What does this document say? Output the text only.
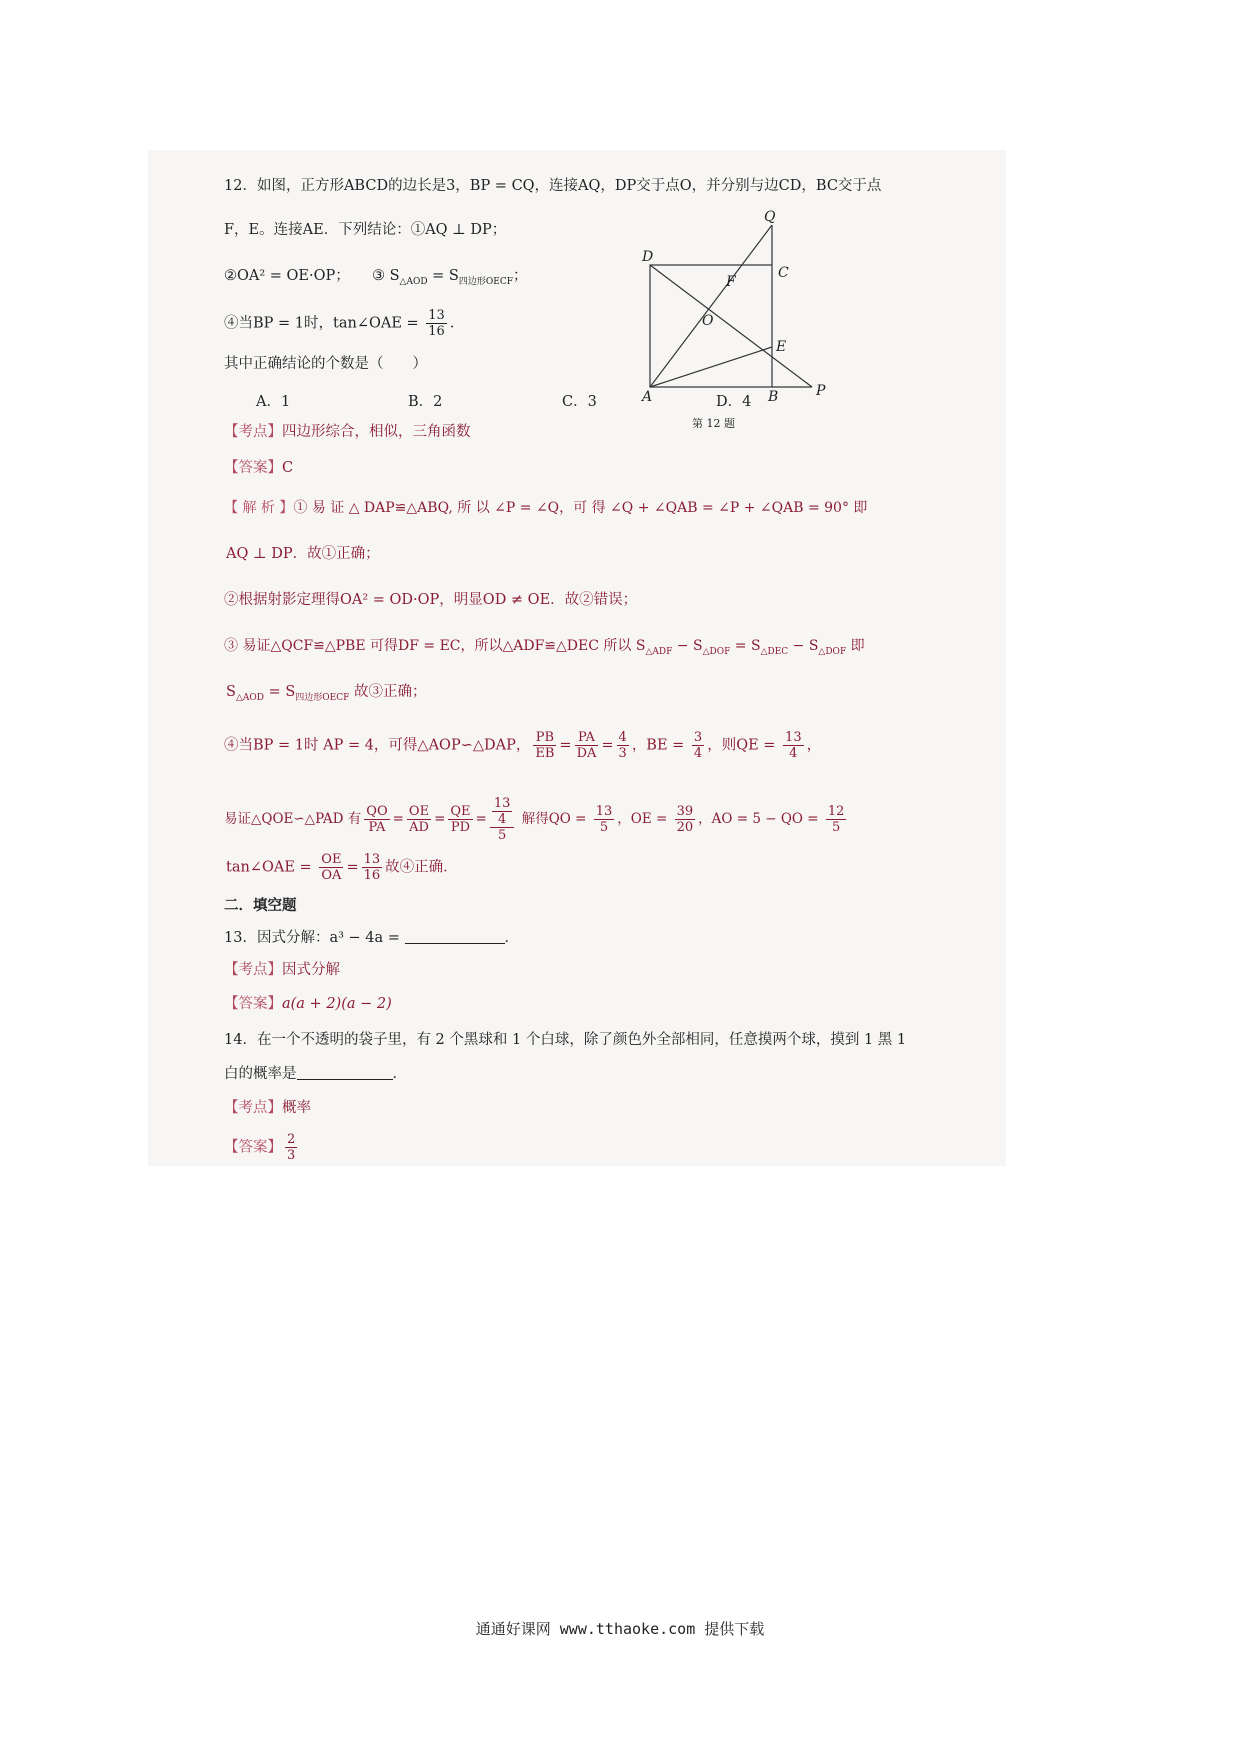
12．如图，正方形ABCD的边长是3，BP = CQ，连接AQ，DP交于点O，并分别与边CD，BC交于点
F，E。连接AE．下列结论：①AQ ⊥ DP；
②OA² = OE·OP； ③ $S_{\triangle AOD} = S_{四边形OECF}$；
④当BP = 1时，tan∠OAE = $\frac{13}{16}$ ．
其中正确结论的个数是（　　）
A．1	B．2	C．3	D．4
Q
D
C
F
O
E
A	B	P
第 12 题
【考点】四边形综合，相似，三角函数
【答案】C
【 解 析 】① 易 证 △ DAP≌△ABQ, 所 以 ∠P = ∠Q，可 得 ∠Q + ∠QAB = ∠P + ∠QAB = 90° 即
AQ ⊥ DP．故①正确；
②根据射影定理得OA² = OD·OP，明显OD ≠ OE．故②错误；
③ 易证△QCF≌△PBE 可得DF = EC，所以△ADF≌△DEC 所以 $S_{\triangle ADF} - S_{\triangle DOF} = S_{\triangle DEC} - S_{\triangle DOF}$ 即
$S_{\triangle AOD} = S_{四边形OECF}$ 故③正确；
④当BP = 1时 AP = 4，可得△AOP∽△DAP， $\frac{PB}{EB} = \frac{PA}{DA} = \frac{4}{3}$ ，BE = $\frac{3}{4}$ ，则QE = $\frac{13}{4}$ ，
易证△QOE∽△PAD 有 $\frac{QO}{PA} = \frac{OE}{AD} = \frac{QE}{PD} = \frac{\frac{13}{4}}{5}$ 解得QO = $\frac{13}{5}$ ，OE = $\frac{39}{20}$ ，AO = 5 − QO = $\frac{12}{5}$
tan∠OAE = $\frac{OE}{OA} = \frac{13}{16}$ 故④正确．
二．填空题
13．因式分解：a³ − 4a =	．
【考点】因式分解
【答案】a(a + 2)(a − 2)
14．在一个不透明的袋子里，有 2 个黑球和 1 个白球，除了颜色外全部相同，任意摸两个球，摸到 1 黑 1
白的概率是	．
【考点】概率
【答案】 $\frac{2}{3}$
通通好课网 www.tthaoke.com 提供下载
